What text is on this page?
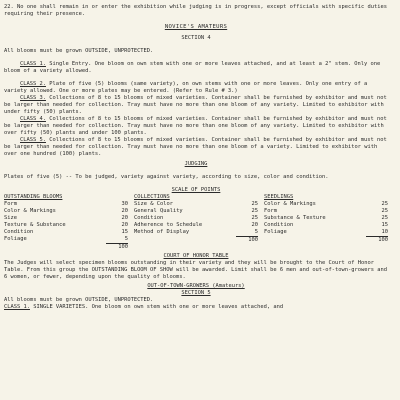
22. No one shall remain in or enter the exhibition while judging is in progress, except officials with specific duties requiring their presence.

NOVICE'S AMATEURS

SECTION 4

All blooms must be grown OUTSIDE, UNPROTECTED.

CLASS 1. Single Entry. One bloom on own stem with one or more leaves attached, and at least a 2" stem. Only one bloom of a variety allowed.

CLASS 2. Plate of five (5) blooms (same variety), on own stems with one or more leaves. Only one entry of a variety allowed. One or more plates may be entered. (Refer to Rule # 3.)

CLASS 3. Collections of 8 to 15 blooms of mixed varieties. Container shall be furnished by exhibitor and must not be larger than needed for collection. Tray must have no more than one bloom of any variety. Limited to exhibitor with under fifty (50) plants.

CLASS 4. Collections of 8 to 15 blooms of mixed varieties. Container shall be furnished by exhibitor and must not be larger than needed for collection. Tray must have no more than one bloom of any variety. Limited to exhibitor with over fifty (50) plants and under 100 plants.

CLASS 5. Collections of 8 to 15 blooms of mixed varieties. Container shall be furnished by exhibitor and must not be larger than needed for collection. Tray must have no more than one bloom of a variety. Limited to exhibitor with over one hundred (100) plants.

JUDGING

Plates of five (5) -- To be judged, variety against variety, according to size, color and condition.

SCALE OF POINTS

OUTSTANDING BLOOMS

Form	30
Color & Markings	20
Size	20
Texture & Substance	20
Condition	15
Foliage	5
100

COLLECTIONS

Size & Color	25
General Quality	25
Condition	25
Adherence to Schedule	20
Method of Display	5
100

SEEDLINGS

Color & Markings	25
Form	25
Substance & Texture	25
Condition	15
Foliage	10
100

COURT OF HONOR TABLE

The Judges will select specimen blooms outstanding in their variety and they will be brought to the Court of Honor Table. From this group the OUTSTANDING BLOOM OF SHOW will be awarded. Limit shall be 6 men and out-of-town-growers and 6 women, or fewer, depending upon the quality of blooms.

OUT-OF-TOWN-GROWERS (Amateurs)

SECTION 5

All blooms must be grown OUTSIDE, UNPROTECTED.

CLASS 1. SINGLE VARIETIES. One bloom on own stem with one or more leaves attached, and
